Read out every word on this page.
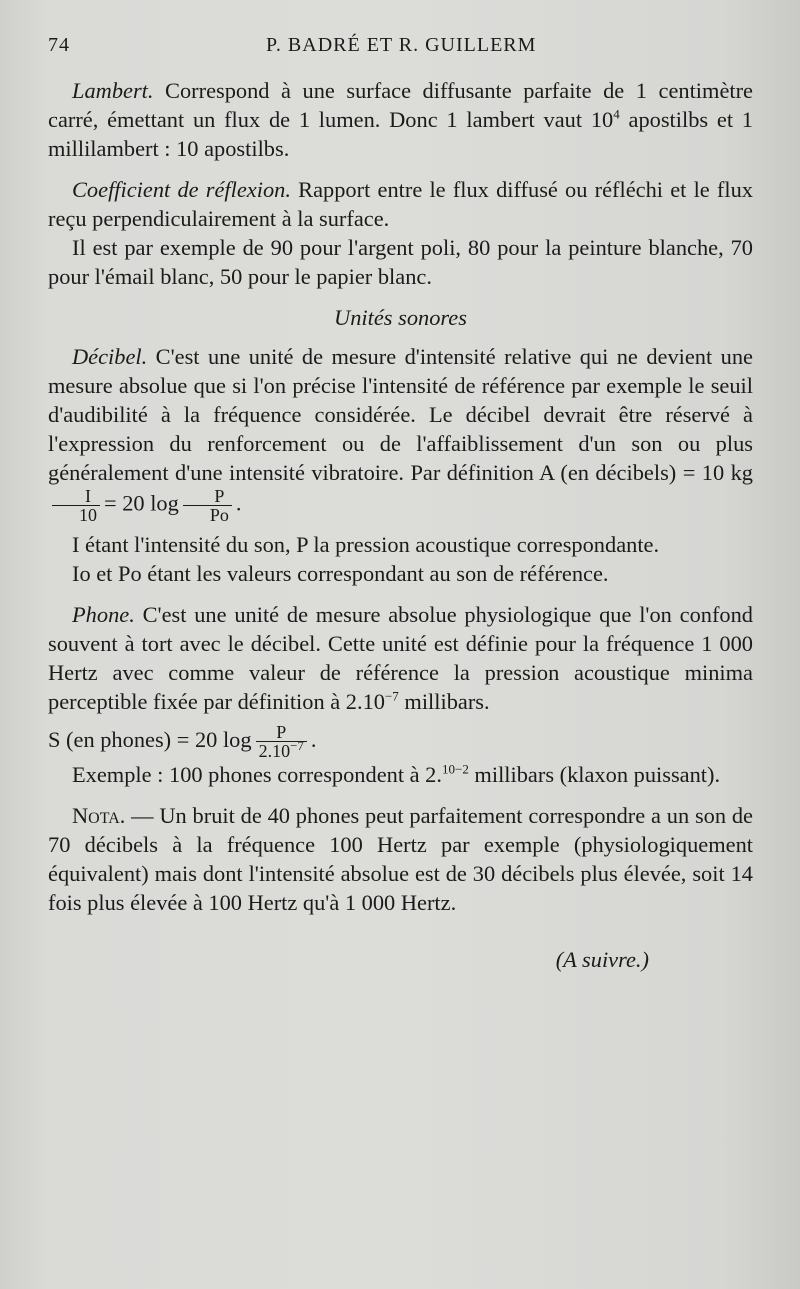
74	P. BADRÉ ET R. GUILLERM

Lambert. Correspond à une surface diffusante parfaite de 1 centimètre carré, émettant un flux de 1 lumen. Donc 1 lambert vaut $10^4$ apostilbs et 1 millilambert : 10 apostilbs.

Coefficient de réflexion. Rapport entre le flux diffusé ou réfléchi et le flux reçu perpendiculairement à la surface.

Il est par exemple de 90 pour l'argent poli, 80 pour la peinture blanche, 70 pour l'émail blanc, 50 pour le papier blanc.

Unités sonores

Décibel. C'est une unité de mesure d'intensité relative qui ne devient une mesure absolue que si l'on précise l'intensité de référence par exemple le seuil d'audibilité à la fréquence considérée. Le décibel devrait être réservé à l'expression du renforcement ou de l'affaiblissement d'un son ou plus généralement d'une intensité vibratoire. Par définition A (en décibels) = 10 kg
$\frac{I}{10} = 20$ $\log \frac{P}{Po}$ .

I étant l'intensité du son, P la pression acoustique correspondante.

Io et Po étant les valeurs correspondant au son de référence.

Phone. C'est une unité de mesure absolue physiologique que l'on confond souvent à tort avec le décibel. Cette unité est définie pour la fréquence 1 000 Hertz avec comme valeur de référence la pression acoustique minima perceptible fixée par définition à $2.10^{-7}$ millibars.

S (en phones) = 20 $\log \frac{P}{2.10^{-7}}$ .

Exemple : 100 phones correspondent à 2.$^{10-2}$ millibars (klaxon puissant).

Nota. — Un bruit de 40 phones peut parfaitement correspondre a un son de 70 décibels à la fréquence 100 Hertz par exemple (physiologiquement équivalent) mais dont l'intensité absolue est de 30 décibels plus élevée, soit 14 fois plus élevée à 100 Hertz qu'à 1 000 Hertz.

(A suivre.)
